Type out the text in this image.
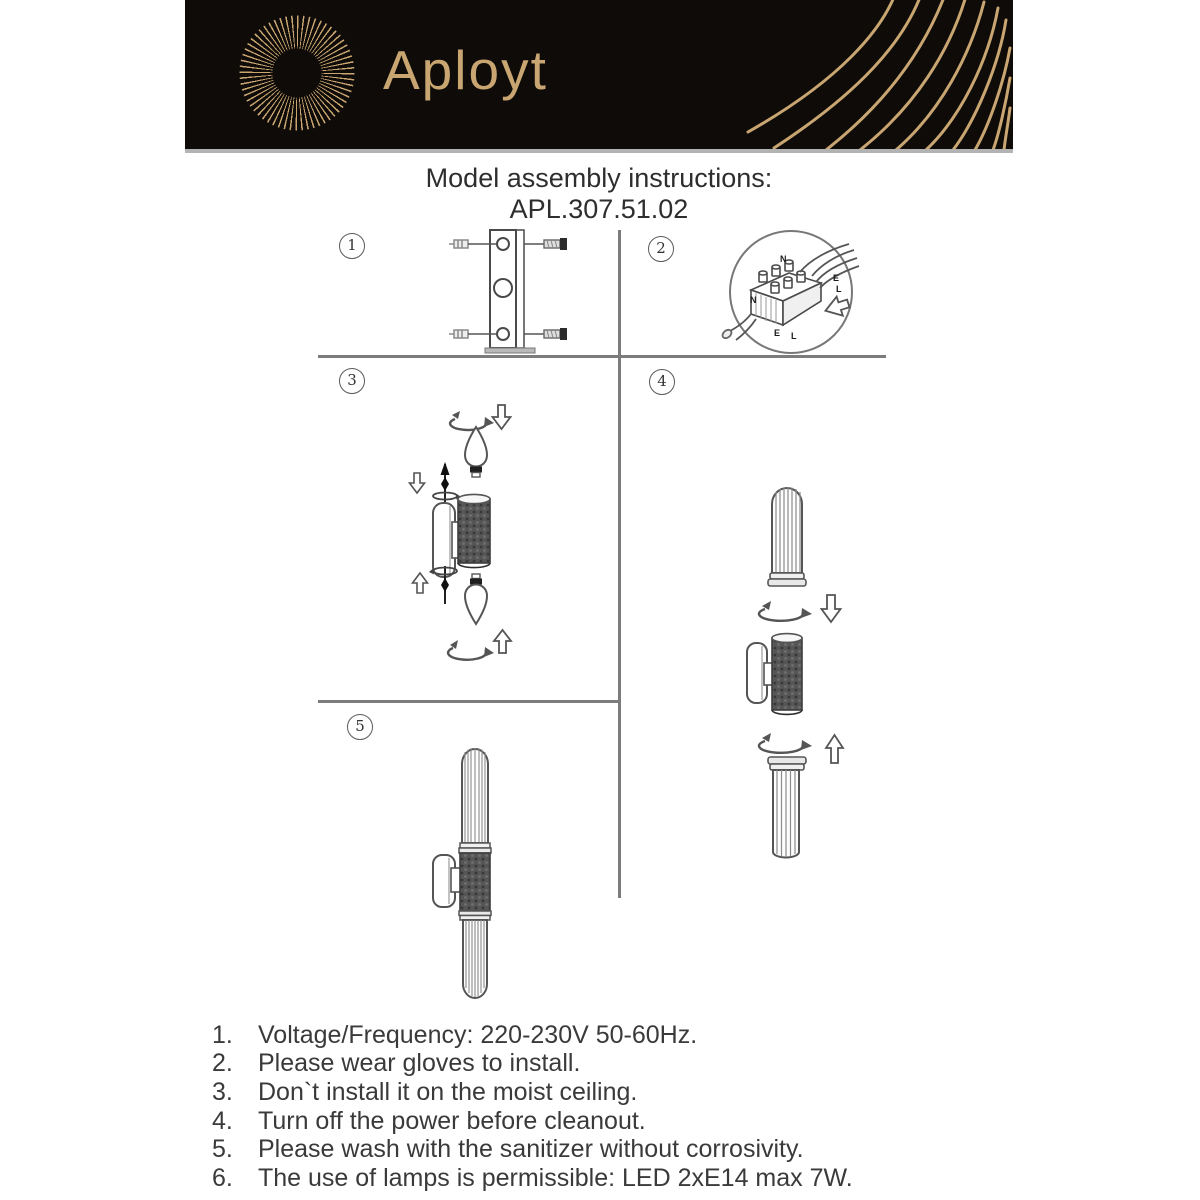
Aployt
Model assembly instructions:
APL.307.51.02
1	2
3	4
5
N
E
L
N
E L
1.	Voltage/Frequency: 220-230V 50-60Hz.
2.	Please wear gloves to install.
3.	Don`t install it on the moist ceiling.
4.	Turn off the power before cleanout.
5.	Please wash with the sanitizer without corrosivity.
6.	The use of lamps is permissible: LED 2xE14 max 7W.
